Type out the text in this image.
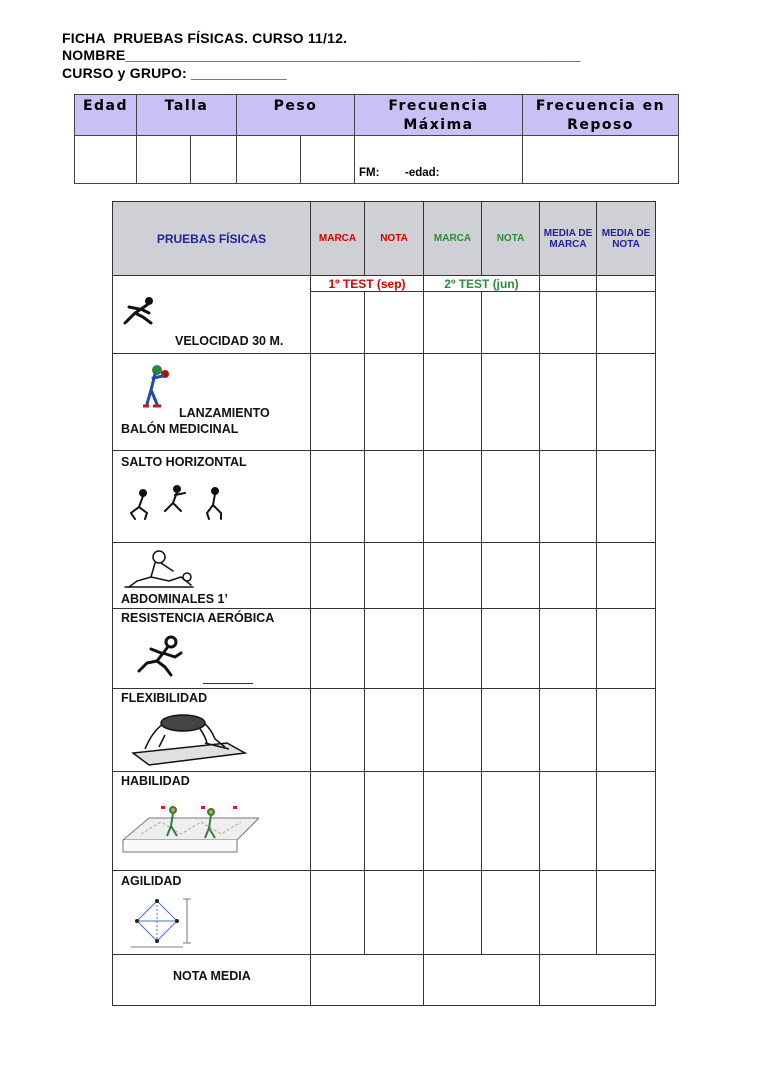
FICHA  PRUEBAS FÍSICAS. CURSO 11/12.
NOMBRE_________________________________________________________
CURSO y GRUPO: ____________
Edad	Talla		Peso		Frecuencia Máxima	Frecuencia en Reposo

					FM: -edad:	

PRUEBAS FÍSICAS	MARCA	NOTA	MARCA	NOTA	MEDIA DE MARCA	MEDIA DE NOTA
	1º TEST (sep)		2º TEST (jun)			

VELOCIDAD 30 M.						

LANZAMIENTO
BALÓN MEDICINAL						

SALTO HORIZONTAL						

ABDOMINALES 1’						

RESISTENCIA AERÓBICA						

FLEXIBILIDAD						

HABILIDAD						

AGILIDAD						

NOTA MEDIA						
